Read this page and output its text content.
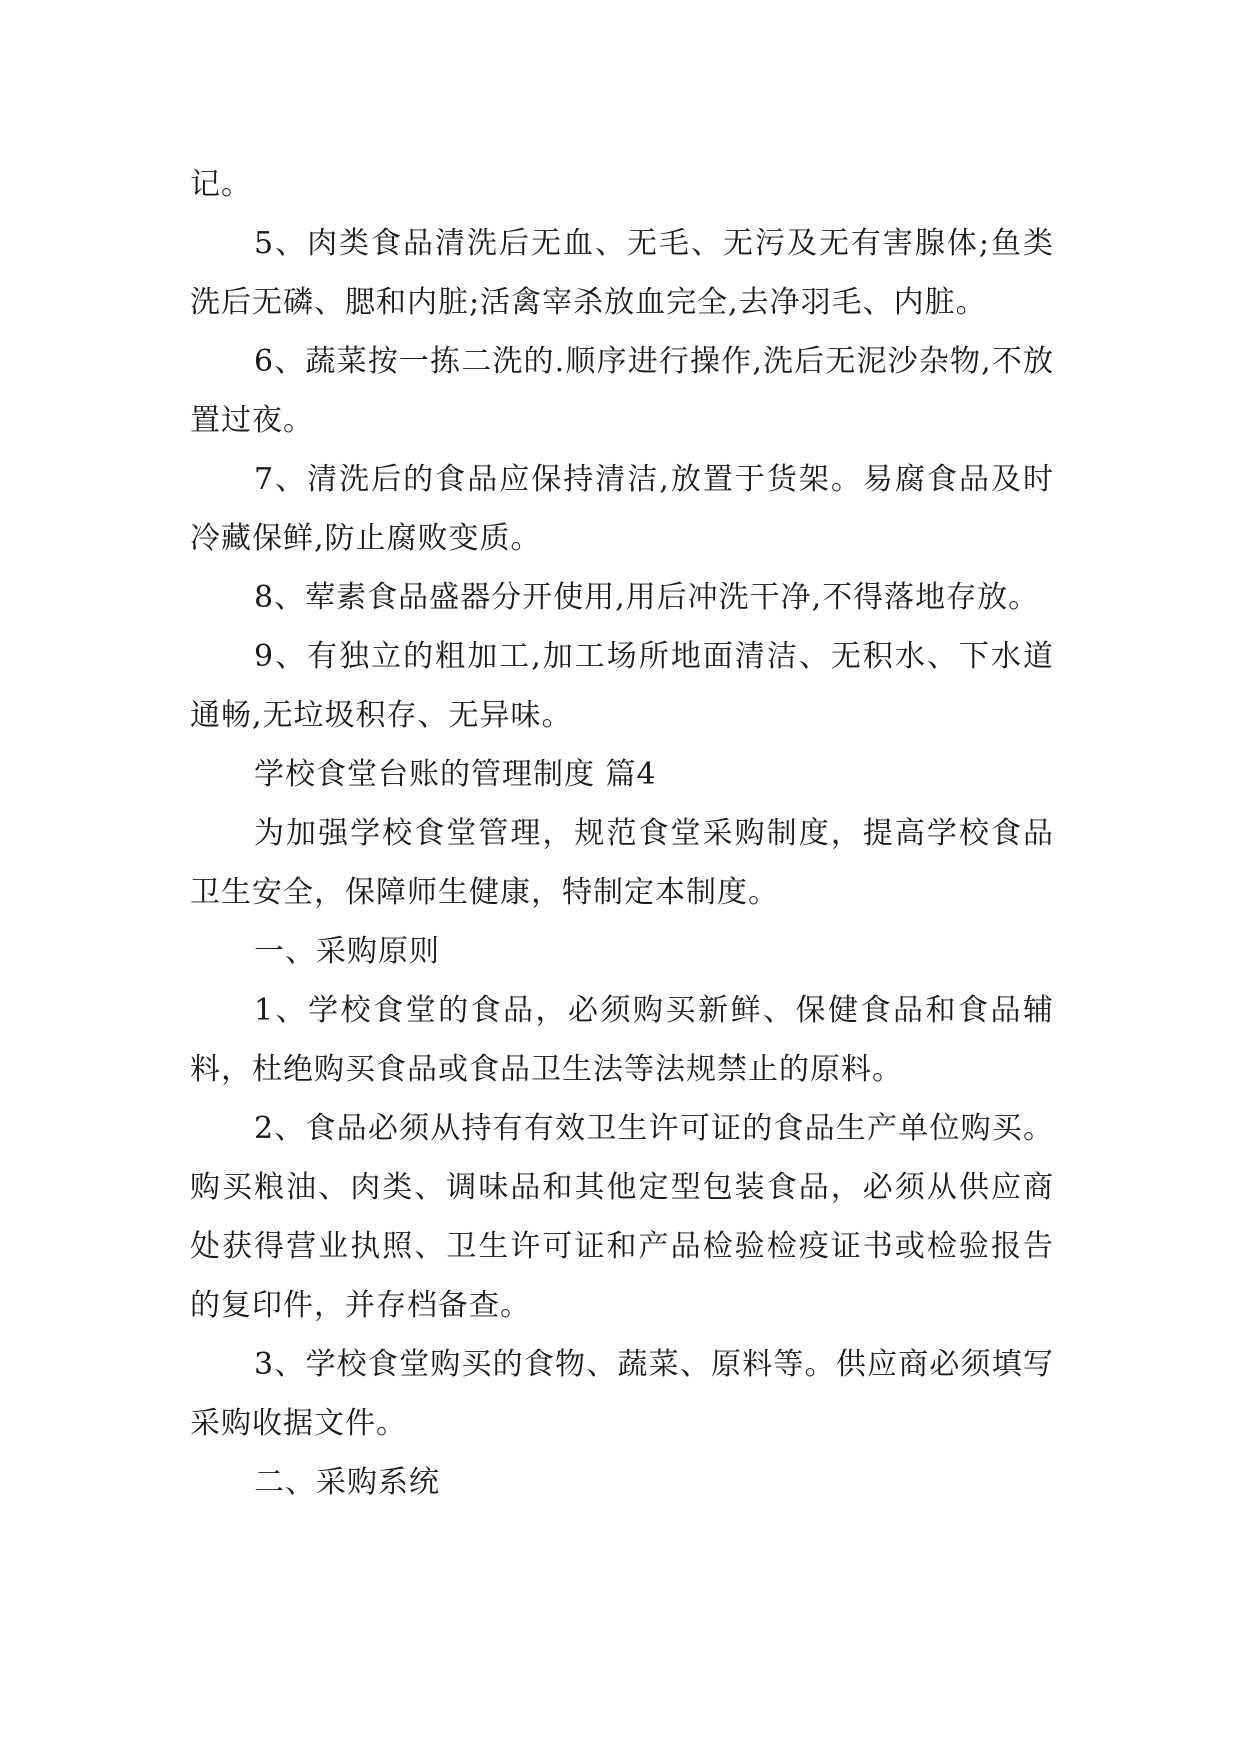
记。

5、肉类食品清洗后无血、无毛、无污及无有害腺体;鱼类洗后无磷、腮和内脏;活禽宰杀放血完全,去净羽毛、内脏。

6、蔬菜按一拣二洗的.顺序进行操作,洗后无泥沙杂物,不放置过夜。

7、清洗后的食品应保持清洁,放置于货架。易腐食品及时冷藏保鲜,防止腐败变质。

8、荤素食品盛器分开使用,用后冲洗干净,不得落地存放。

9、有独立的粗加工,加工场所地面清洁、无积水、下水道通畅,无垃圾积存、无异味。

学校食堂台账的管理制度 篇4

为加强学校食堂管理，规范食堂采购制度，提高学校食品卫生安全，保障师生健康，特制定本制度。

一、采购原则

1、学校食堂的食品，必须购买新鲜、保健食品和食品辅料，杜绝购买食品或食品卫生法等法规禁止的原料。

2、食品必须从持有有效卫生许可证的食品生产单位购买。购买粮油、肉类、调味品和其他定型包装食品，必须从供应商处获得营业执照、卫生许可证和产品检验检疫证书或检验报告的复印件，并存档备查。

3、学校食堂购买的食物、蔬菜、原料等。供应商必须填写采购收据文件。

二、采购系统
